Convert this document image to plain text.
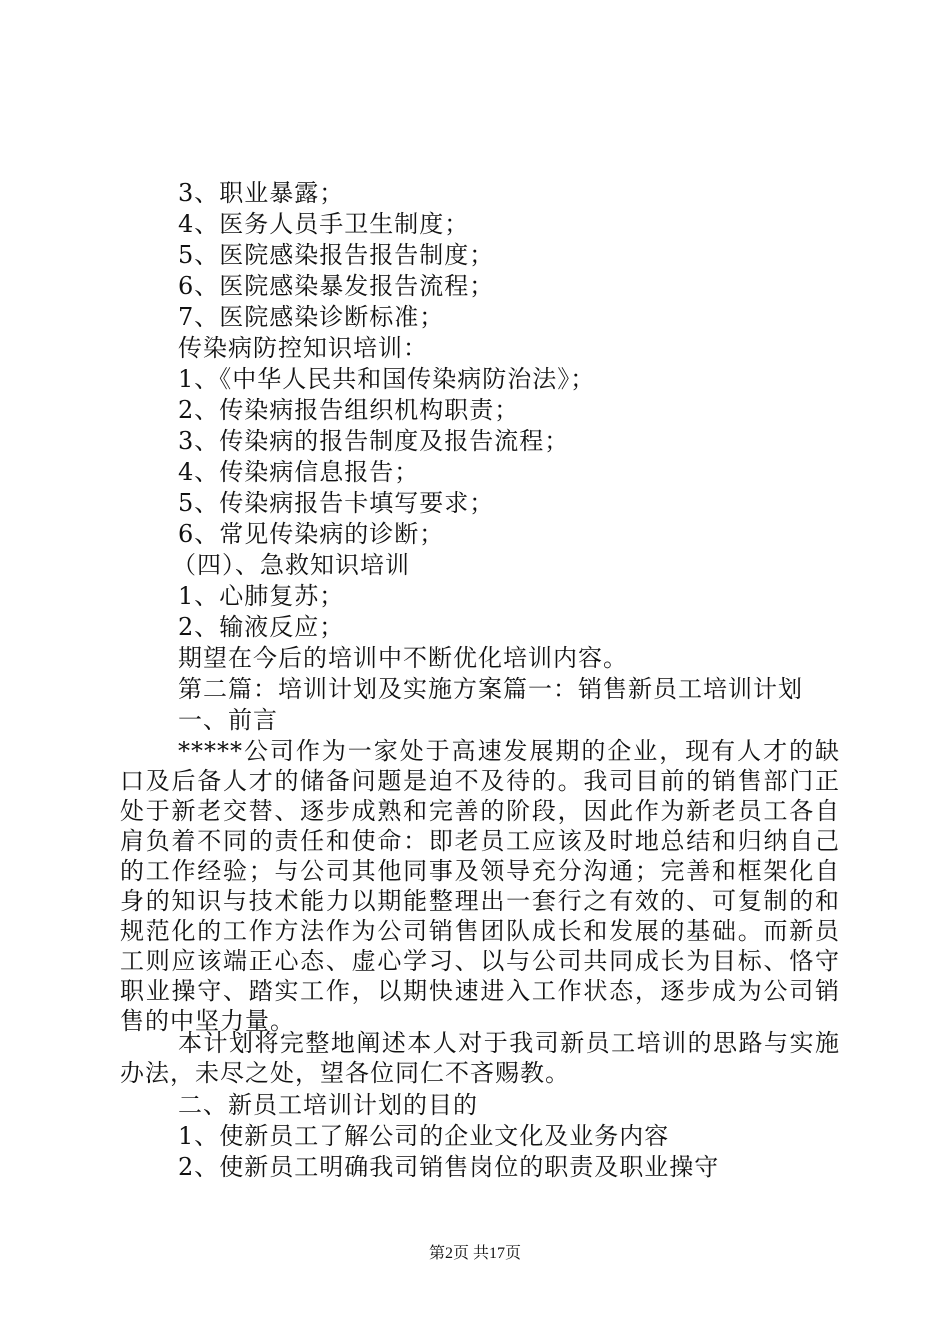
3、职业暴露；
4、医务人员手卫生制度；
5、医院感染报告报告制度；
6、医院感染暴发报告流程；
7、医院感染诊断标准；
传染病防控知识培训：
1、《中华人民共和国传染病防治法》；
2、传染病报告组织机构职责；
3、传染病的报告制度及报告流程；
4、传染病信息报告；
5、传染病报告卡填写要求；
6、常见传染病的诊断；
（四）、急救知识培训
1、心肺复苏；
2、输液反应；
期望在今后的培训中不断优化培训内容。
第二篇：培训计划及实施方案篇一：销售新员工培训计划
一、前言
*****公司作为一家处于高速发展期的企业，现有人才的缺口及后备人才的储备问题是迫不及待的。我司目前的销售部门正处于新老交替、逐步成熟和完善的阶段，因此作为新老员工各自肩负着不同的责任和使命：即老员工应该及时地总结和归纳自己的工作经验；与公司其他同事及领导充分沟通；完善和框架化自身的知识与技术能力以期能整理出一套行之有效的、可复制的和规范化的工作方法作为公司销售团队成长和发展的基础。而新员工则应该端正心态、虚心学习、以与公司共同成长为目标、恪守职业操守、踏实工作，以期快速进入工作状态，逐步成为公司销售的中坚力量。
本计划将完整地阐述本人对于我司新员工培训的思路与实施办法，未尽之处，望各位同仁不吝赐教。
二、新员工培训计划的目的
1、使新员工了解公司的企业文化及业务内容
2、使新员工明确我司销售岗位的职责及职业操守
第2页 共17页
